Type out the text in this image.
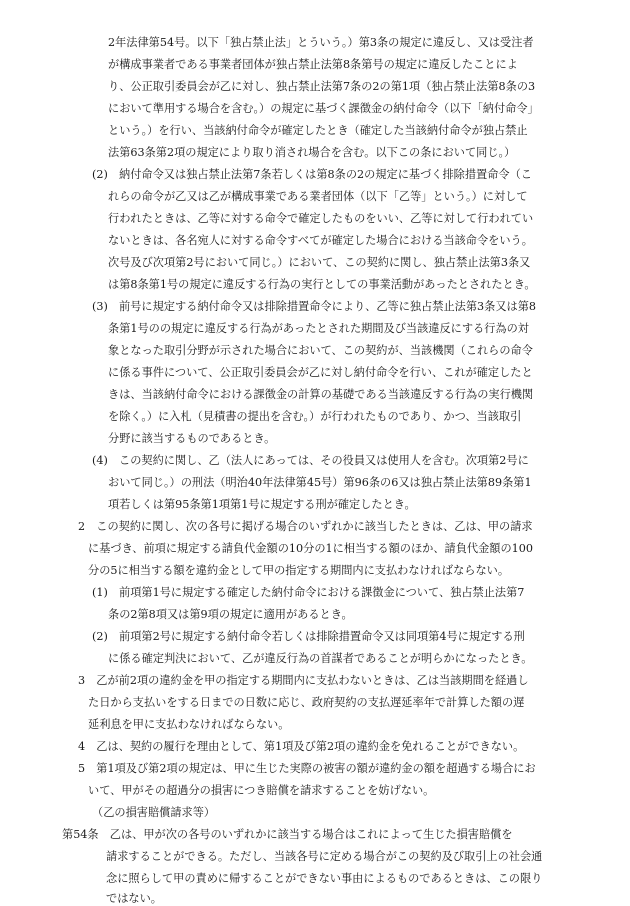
2年法律第54号。以下「独占禁止法」とういう。）第3条の規定に違反し、又は受注者
が構成事業者である事業者団体が独占禁止法第8条第号の規定に違反したことによ
り、公正取引委員会が乙に対し、独占禁止法第7条の2の第1項（独占禁止法第8条の3
において準用する場合を含む。）の規定に基づく課徴金の納付命令（以下「納付命令」
という。）を行い、当該納付命令が確定したとき（確定した当該納付命令が独占禁止
法第63条第2項の規定により取り消され場合を含む。以下この条において同じ。）
(2)　納付命令又は独占禁止法第7条若しくは第8条の2の規定に基づく排除措置命令（こ
れらの命令が乙又は乙が構成事業である業者団体（以下「乙等」という。）に対して
行われたときは、乙等に対する命令で確定したものをいい、乙等に対して行われてい
ないときは、各名宛人に対する命令すべてが確定した場合における当該命令をいう。
次号及び次項第2号において同じ。）において、この契約に関し、独占禁止法第3条又
は第8条第1号の規定に違反する行為の実行としての事業活動があったとされたとき。
(3)　前号に規定する納付命令又は排除措置命令により、乙等に独占禁止法第3条又は第8
条第1号のの規定に違反する行為があったとされた期間及び当該違反にする行為の対
象となった取引分野が示された場合において、この契約が、当該機関（これらの命令
に係る事件について、公正取引委員会が乙に対し納付命令を行い、これが確定したと
きは、当該納付命令における課徴金の計算の基礎である当該違反する行為の実行機関
を除く。）に入札（見積書の提出を含む。）が行われたものであり、かつ、当該取引
分野に該当するものであるとき。
(4)　この契約に関し、乙（法人にあっては、その役員又は使用人を含む。次項第2号に
おいて同じ。）の刑法（明治40年法律第45号）第96条の6又は独占禁止法第89条第1
項若しくは第95条第1項第1号に規定する刑が確定したとき。
2　この契約に関し、次の各号に掲げる場合のいずれかに該当したときは、乙は、甲の請求
に基づき、前項に規定する請負代金額の10分の1に相当する額のほか、請負代金額の100
分の5に相当する額を違約金として甲の指定する期間内に支払わなければならない。
(1)　前項第1号に規定する確定した納付命令における課徴金について、独占禁止法第7
条の2第8項又は第9項の規定に適用があるとき。
(2)　前項第2号に規定する納付命令若しくは排除措置命令又は同項第4号に規定する刑
に係る確定判決において、乙が違反行為の首謀者であることが明らかになったとき。
3　乙が前2項の違約金を甲の指定する期間内に支払わないときは、乙は当該期間を経過し
た日から支払いをする日までの日数に応じ、政府契約の支払遅延率年で計算した額の遅
延利息を甲に支払わなければならない。
4　乙は、契約の履行を理由として、第1項及び第2項の違約金を免れることができない。
5　第1項及び第2項の規定は、甲に生じた実際の被害の額が違約金の額を超過する場合にお
いて、甲がその超過分の損害につき賠償を請求することを妨げない。
（乙の損害賠償請求等）
第54条　乙は、甲が次の各号のいずれかに該当する場合はこれによって生じた損害賠償を
請求することができる。ただし、当該各号に定める場合がこの契約及び取引上の社会通
念に照らして甲の責めに帰することができない事由によるものであるときは、この限り
ではない。
